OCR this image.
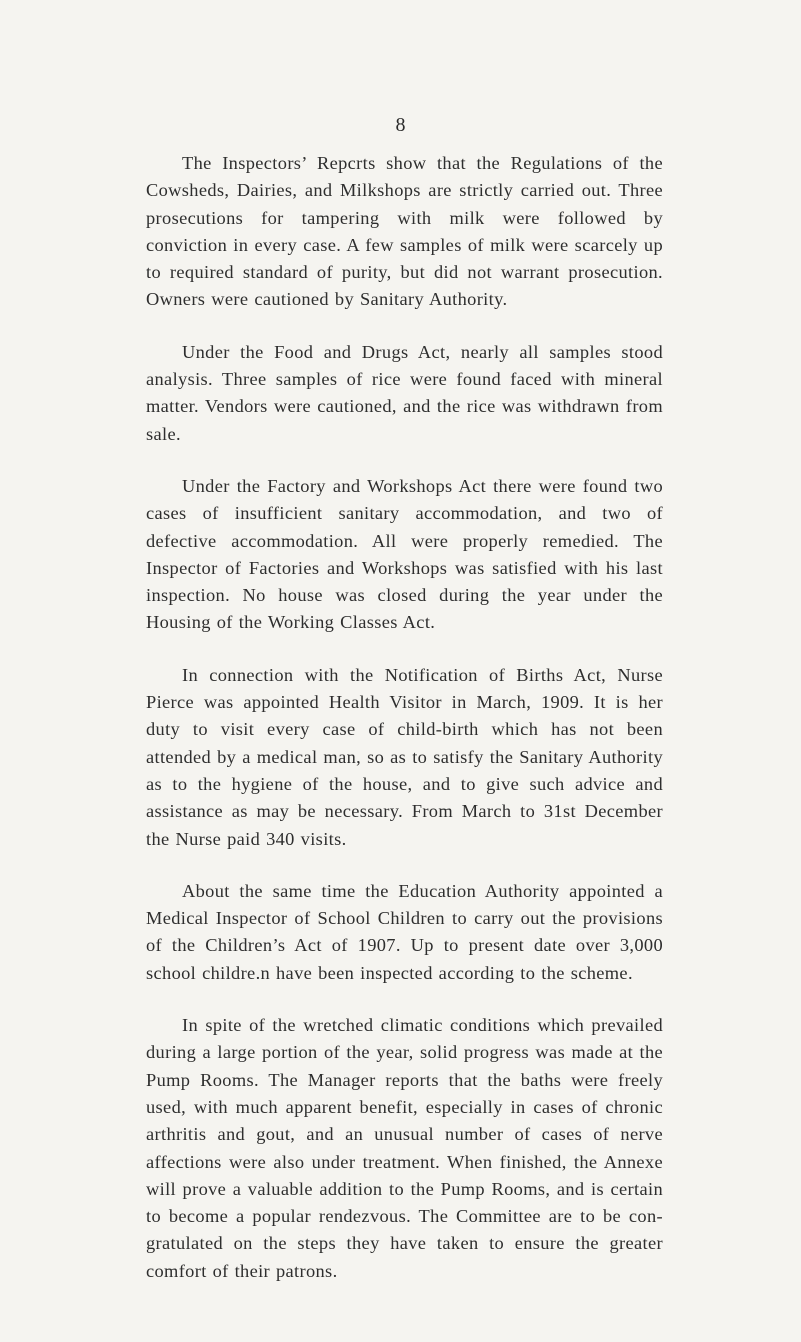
8

The Inspectors’ Repcrts show that the Regulations of the Cowsheds, Dairies, and Milkshops are strictly carried out. Three prosecutions for tampering with milk were followed by conviction in every case. A few samples of milk were scarcely up to required standard of purity, but did not warrant prosecution. Owners were cautioned by Sanitary Authority.

Under the Food and Drugs Act, nearly all samples stood analysis. Three samples of rice were found faced with mineral matter. Vendors were cautioned, and the rice was withdrawn from sale.

Under the Factory and Workshops Act there were found two cases of insufficient sanitary accommodation, and two of defective accommodation. All were properly remedied. The Inspector of Factories and Workshops was satisfied with his last inspection. No house was closed during the year under the Housing of the Working Classes Act.

In connection with the Notification of Births Act, Nurse Pierce was appointed Health Visitor in March, 1909. It is her duty to visit every case of child-birth which has not been attended by a medical man, so as to satisfy the Sanitary Authority as to the hygiene of the house, and to give such advice and assistance as may be necessary. From March to 31st December the Nurse paid 340 visits.

About the same time the Education Authority appointed a Medical Inspector of School Children to carry out the provisions of the Children’s Act of 1907. Up to present date over 3,000 school childre.n have been inspected according to the scheme.

In spite of the wretched climatic conditions which prevailed during a large portion of the year, solid progress was made at the Pump Rooms. The Manager reports that the baths were freely used, with much apparent benefit, especially in cases of chronic arthritis and gout, and an unusual number of cases of nerve affections were also under treatment. When finished, the Annexe will prove a valuable addition to the Pump Rooms, and is certain to become a popular rendezvous. The Committee are to be con- gratulated on the steps they have taken to ensure the greater comfort of their patrons.
